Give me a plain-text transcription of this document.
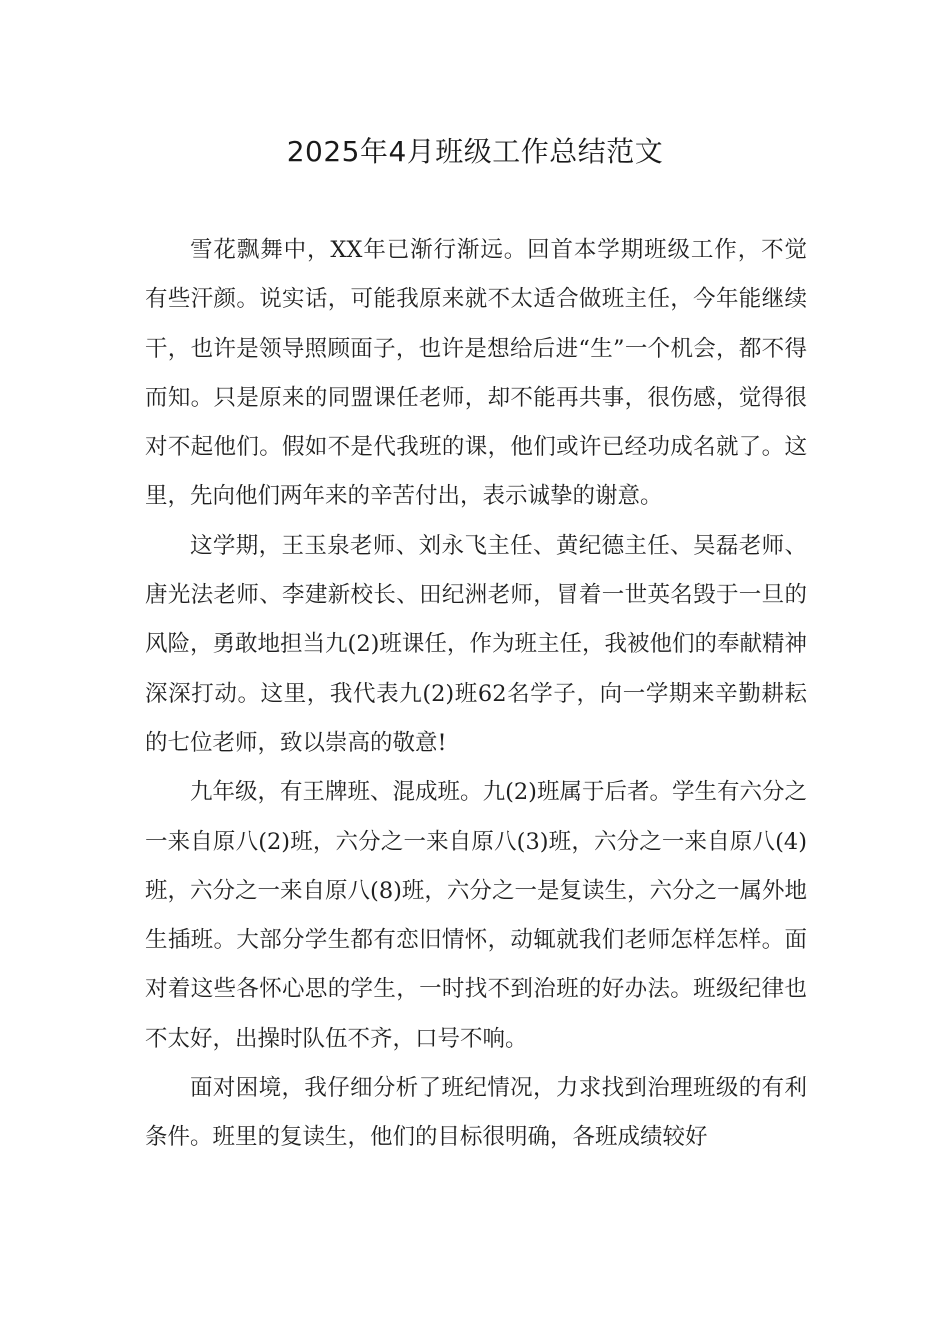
2025年4月班级工作总结范文

雪花飘舞中，XX年已渐行渐远。回首本学期班级工作，不觉有些汗颜。说实话，可能我原来就不太适合做班主任，今年能继续干，也许是领导照顾面子，也许是想给后进“生”一个机会，都不得而知。只是原来的同盟课任老师，却不能再共事，很伤感，觉得很对不起他们。假如不是代我班的课，他们或许已经功成名就了。这里，先向他们两年来的辛苦付出，表示诚挚的谢意。

这学期，王玉泉老师、刘永飞主任、黄纪德主任、吴磊老师、唐光法老师、李建新校长、田纪洲老师，冒着一世英名毁于一旦的风险，勇敢地担当九(2)班课任，作为班主任，我被他们的奉献精神深深打动。这里，我代表九(2)班62名学子，向一学期来辛勤耕耘的七位老师，致以崇高的敬意!

九年级，有王牌班、混成班。九(2)班属于后者。学生有六分之一来自原八(2)班，六分之一来自原八(3)班，六分之一来自原八(4)班，六分之一来自原八(8)班，六分之一是复读生，六分之一属外地生插班。大部分学生都有恋旧情怀，动辄就我们老师怎样怎样。面对着这些各怀心思的学生，一时找不到治班的好办法。班级纪律也不太好，出操时队伍不齐，口号不响。

面对困境，我仔细分析了班纪情况，力求找到治理班级的有利条件。班里的复读生，他们的目标很明确，各班成绩较好
